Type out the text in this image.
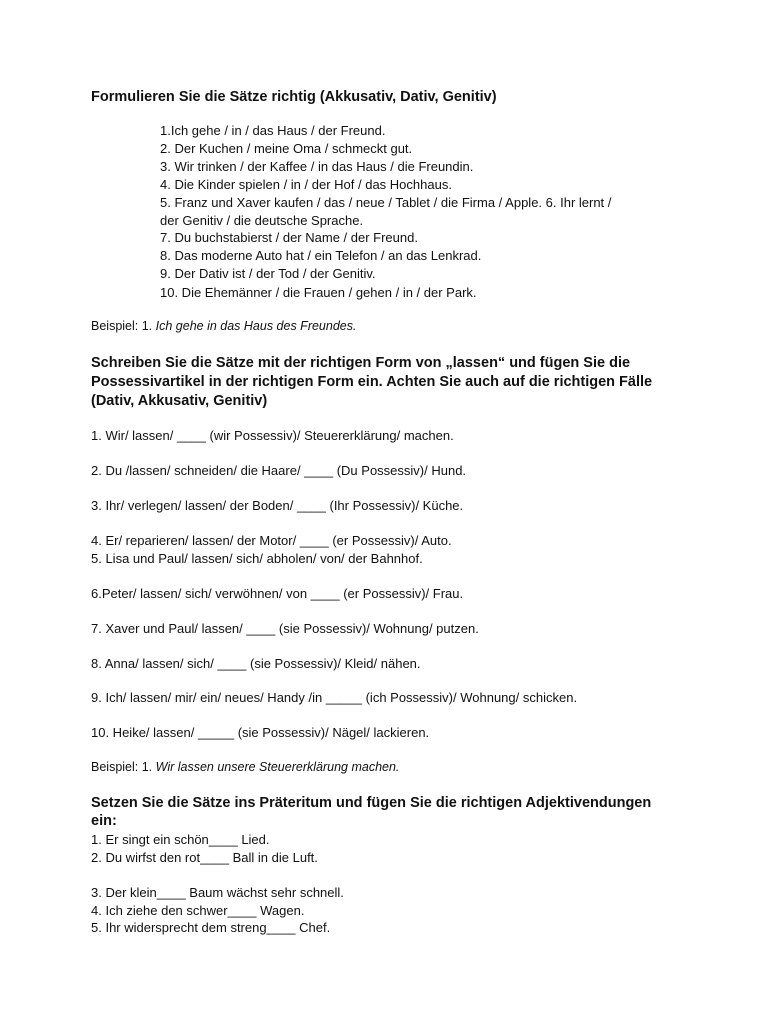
Formulieren Sie die Sätze richtig (Akkusativ, Dativ, Genitiv)
1.Ich gehe / in / das Haus / der Freund.
2. Der Kuchen / meine Oma / schmeckt gut.
3. Wir trinken / der Kaffee / in das Haus / die Freundin.
4. Die Kinder spielen / in / der Hof / das Hochhaus.
5. Franz und Xaver kaufen / das / neue / Tablet / die Firma / Apple. 6. Ihr lernt /
der Genitiv / die deutsche Sprache.
7. Du buchstabierst / der Name / der Freund.
8. Das moderne Auto hat / ein Telefon / an das Lenkrad.
9. Der Dativ ist / der Tod / der Genitiv.
10. Die Ehemänner / die Frauen / gehen / in / der Park.
Beispiel: 1. Ich gehe in das Haus des Freundes.
Schreiben Sie die Sätze mit der richtigen Form von „lassen“ und fügen Sie die
Possessivartikel in der richtigen Form ein. Achten Sie auch auf die richtigen Fälle
(Dativ, Akkusativ, Genitiv)
1. Wir/ lassen/ ____ (wir Possessiv)/ Steuererklärung/ machen.
2. Du /lassen/ schneiden/ die Haare/ ____ (Du Possessiv)/ Hund.
3. Ihr/ verlegen/ lassen/ der Boden/ ____ (Ihr Possessiv)/ Küche.
4. Er/ reparieren/ lassen/ der Motor/ ____ (er Possessiv)/ Auto.
5. Lisa und Paul/ lassen/ sich/ abholen/ von/ der Bahnhof.
6.Peter/ lassen/ sich/ verwöhnen/ von ____ (er Possessiv)/ Frau.
7. Xaver und Paul/ lassen/ ____ (sie Possessiv)/ Wohnung/ putzen.
8. Anna/ lassen/ sich/ ____ (sie Possessiv)/ Kleid/ nähen.
9. Ich/ lassen/ mir/ ein/ neues/ Handy /in _____ (ich Possessiv)/ Wohnung/ schicken.
10. Heike/ lassen/ _____ (sie Possessiv)/ Nägel/ lackieren.
Beispiel: 1. Wir lassen unsere Steuererklärung machen.
Setzen Sie die Sätze ins Präteritum und fügen Sie die richtigen Adjektivendungen
ein:
1. Er singt ein schön____ Lied.
2. Du wirfst den rot____ Ball in die Luft.
3. Der klein____ Baum wächst sehr schnell.
4. Ich ziehe den schwer____ Wagen.
5. Ihr widersprecht dem streng____ Chef.
